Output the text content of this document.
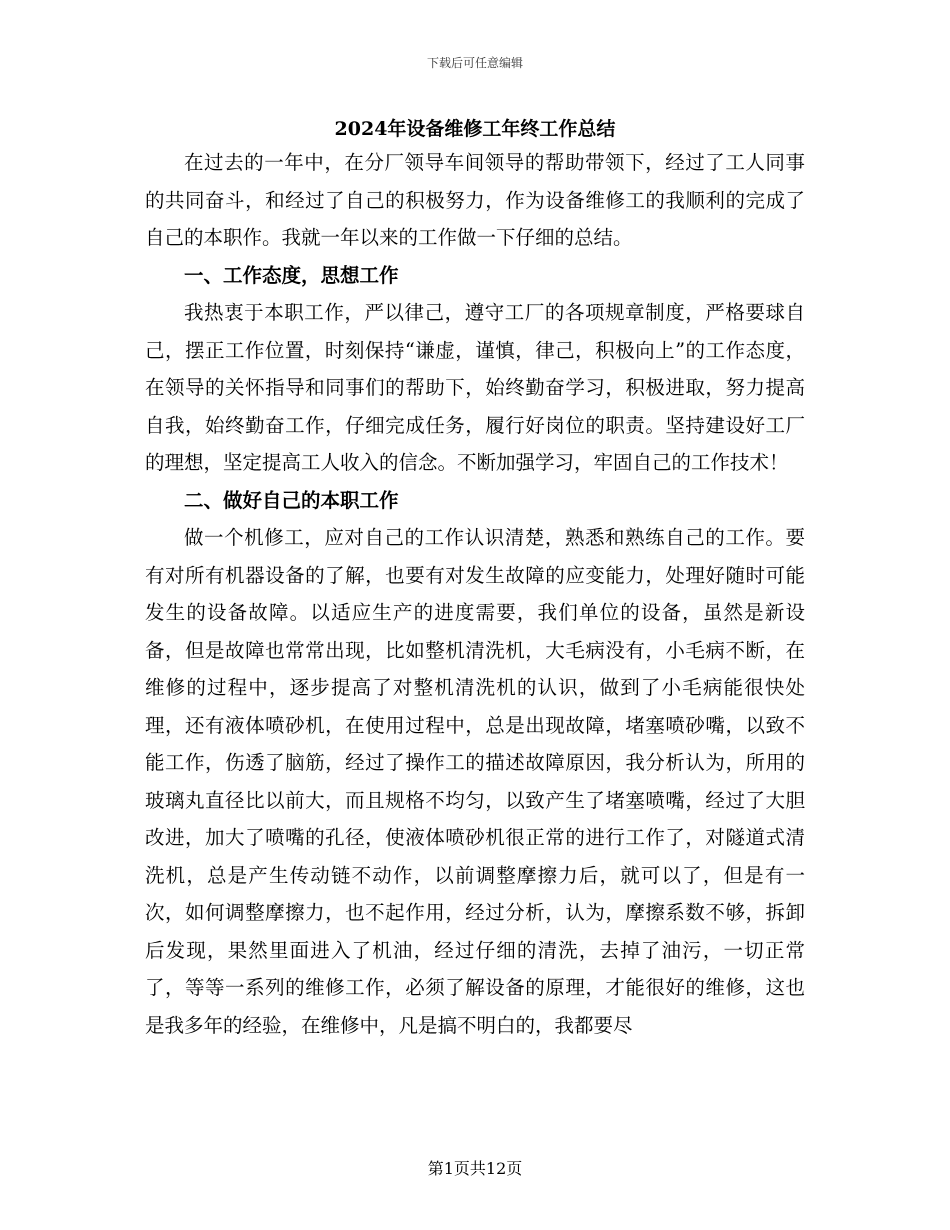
下载后可任意编辑
2024年设备维修工年终工作总结

在过去的一年中，在分厂领导车间领导的帮助带领下，经过了工人同事的共同奋斗，和经过了自己的积极努力，作为设备维修工的我顺利的完成了自己的本职作。我就一年以来的工作做一下仔细的总结。

一、工作态度，思想工作

我热衷于本职工作，严以律己，遵守工厂的各项规章制度，严格要球自己，摆正工作位置，时刻保持“谦虚，谨慎，律己，积极向上”的工作态度，在领导的关怀指导和同事们的帮助下，始终勤奋学习，积极进取，努力提高自我，始终勤奋工作，仔细完成任务，履行好岗位的职责。坚持建设好工厂的理想，坚定提高工人收入的信念。不断加强学习，牢固自己的工作技术！

二、做好自己的本职工作

做一个机修工，应对自己的工作认识清楚，熟悉和熟练自己的工作。要有对所有机器设备的了解，也要有对发生故障的应变能力，处理好随时可能发生的设备故障。以适应生产的进度需要，我们单位的设备，虽然是新设备，但是故障也常常出现，比如整机清洗机，大毛病没有，小毛病不断，在维修的过程中，逐步提高了对整机清洗机的认识，做到了小毛病能很快处理，还有液体喷砂机，在使用过程中，总是出现故障，堵塞喷砂嘴，以致不能工作，伤透了脑筋，经过了操作工的描述故障原因，我分析认为，所用的玻璃丸直径比以前大，而且规格不均匀，以致产生了堵塞喷嘴，经过了大胆改进，加大了喷嘴的孔径，使液体喷砂机很正常的进行工作了，对隧道式清洗机，总是产生传动链不动作，以前调整摩擦力后，就可以了，但是有一次，如何调整摩擦力，也不起作用，经过分析，认为，摩擦系数不够，拆卸后发现，果然里面进入了机油，经过仔细的清洗，去掉了油污，一切正常了，等等一系列的维修工作，必须了解设备的原理，才能很好的维修，这也是我多年的经验，在维修中，凡是搞不明白的，我都要尽

第1页共12页
